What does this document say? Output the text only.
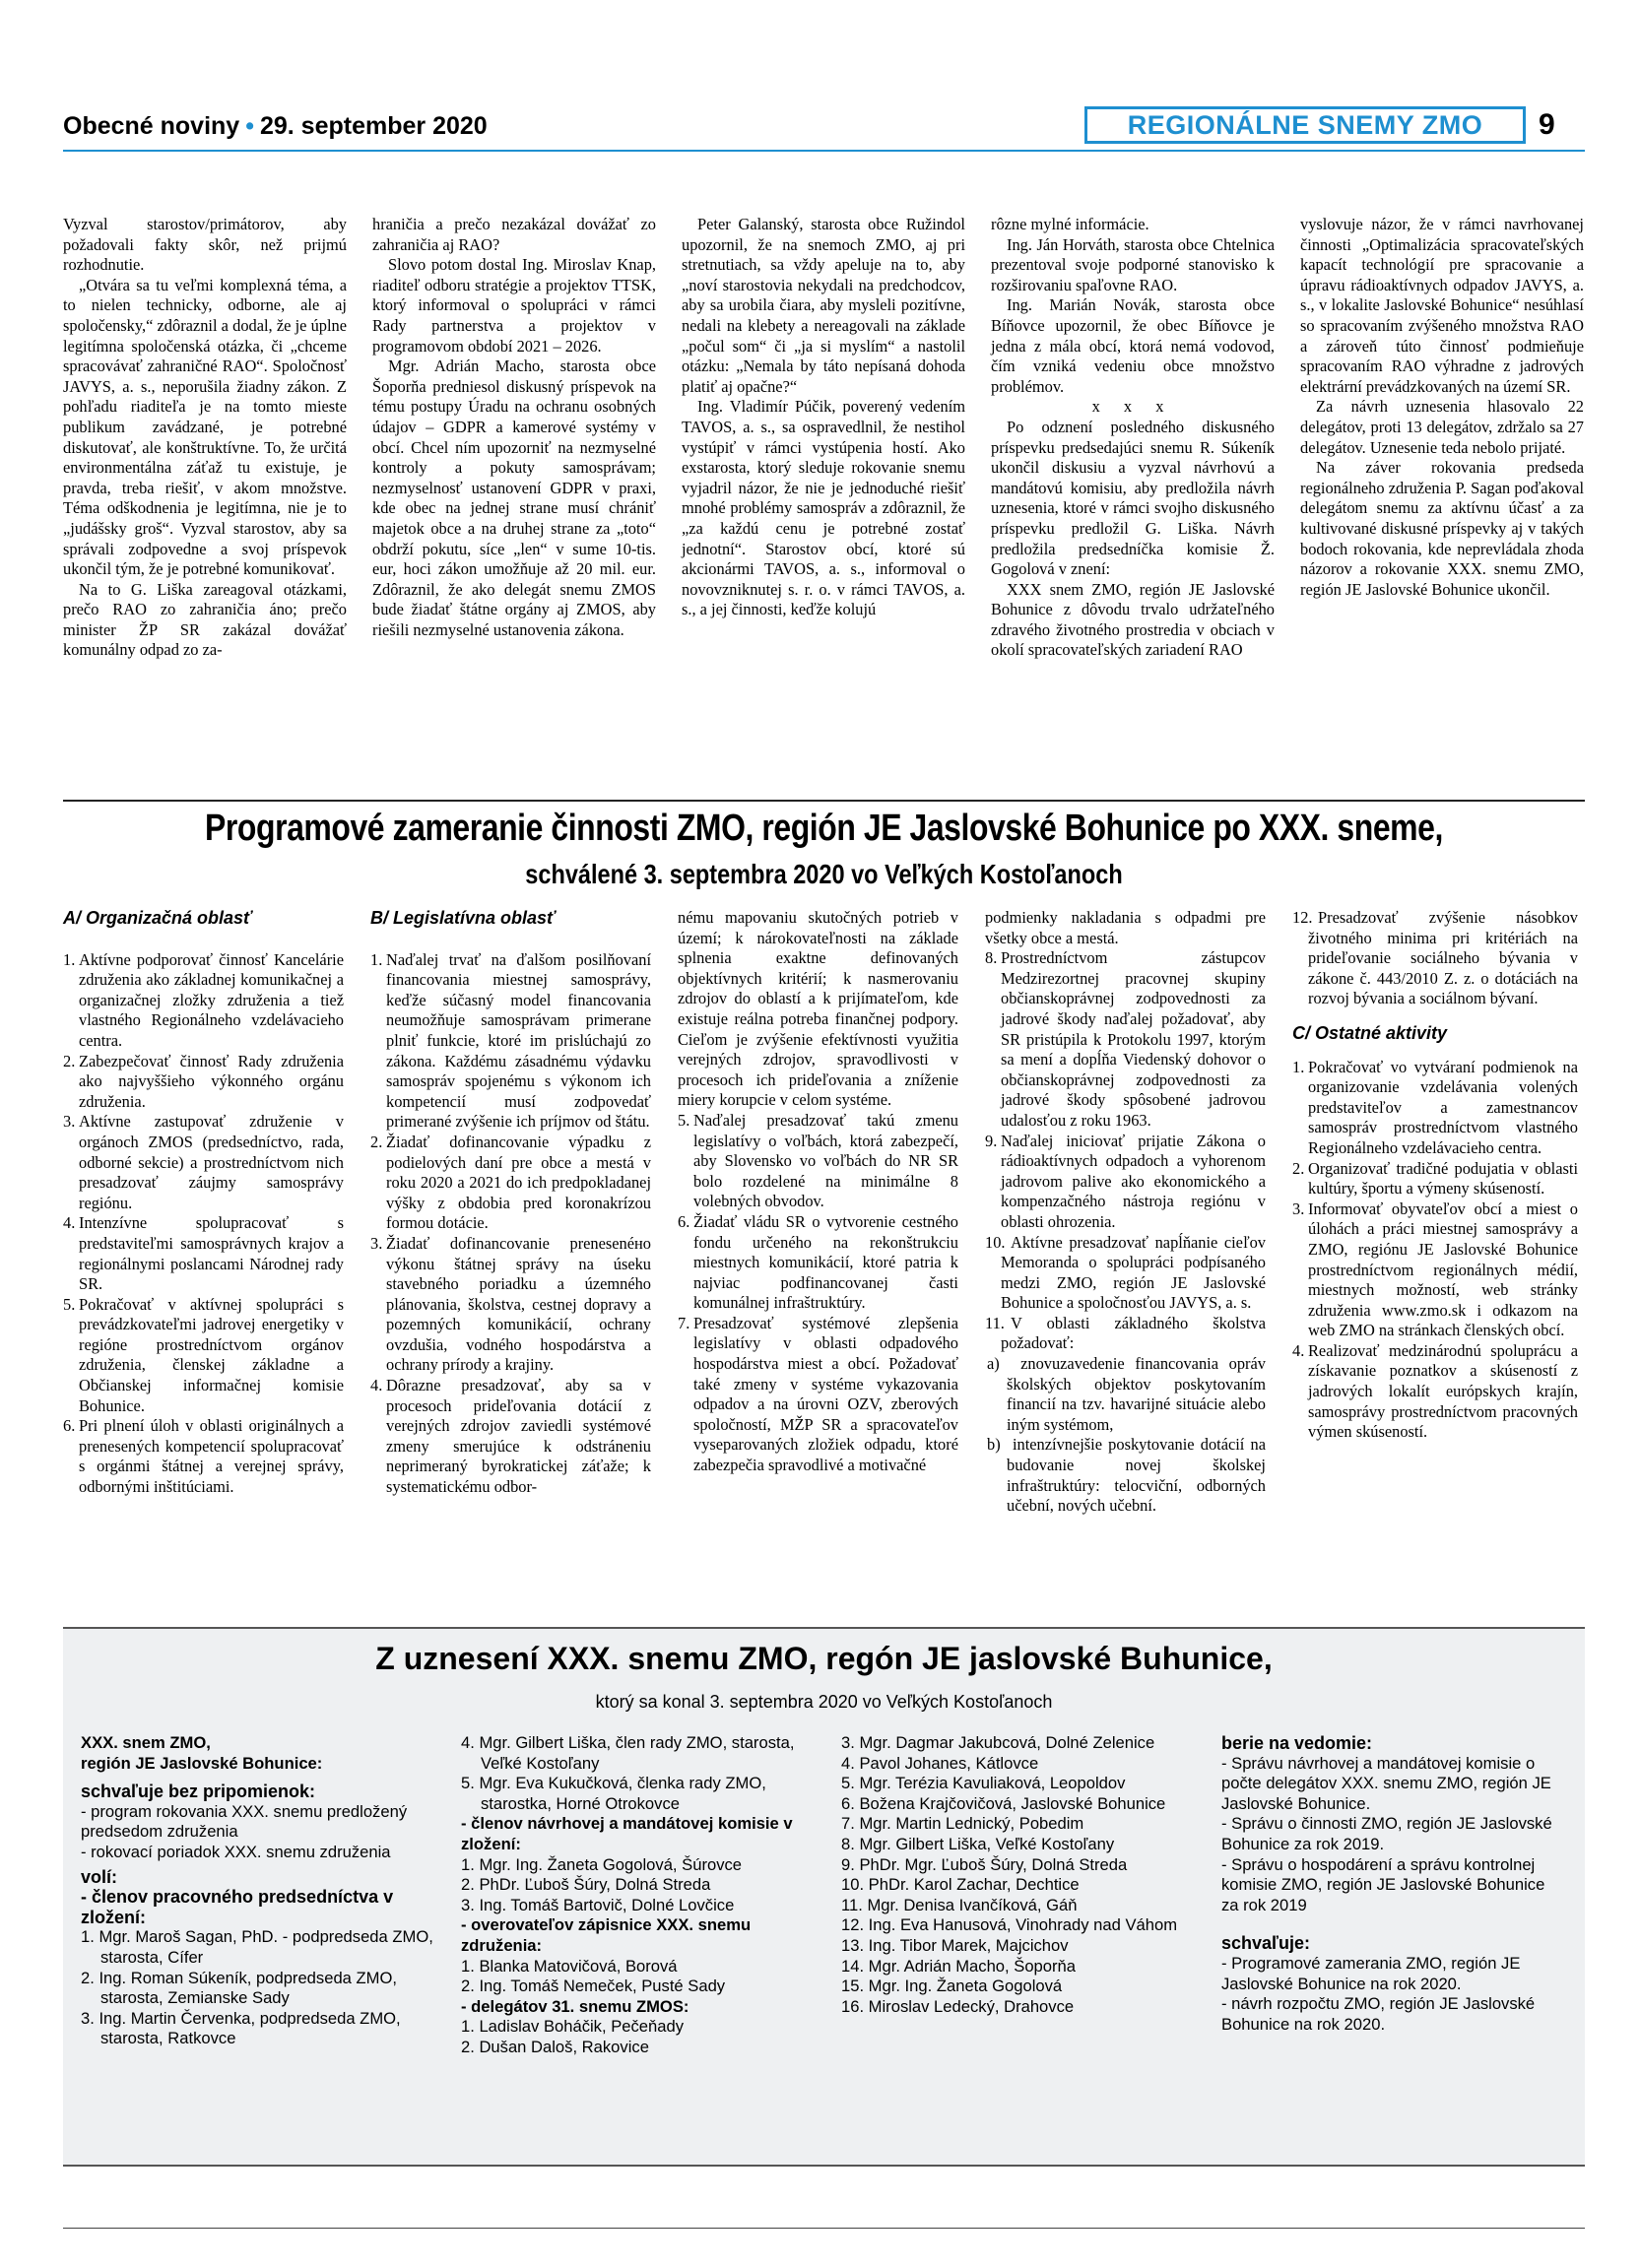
Obecné noviny • 29. september 2020	REGIONÁLNE SNEMY ZMO	9

Vyzval starostov/primátorov, aby požadovali fakty skôr, než prijmú rozhodnutie.

„Otvára sa tu veľmi komplexná téma, a to nielen technicky, odborne, ale aj spoločensky,“ zdôraznil a dodal, že je úplne legitímna spoločenská otázka, či „chceme spracovávať zahraničné RAO“. Spoločnosť JAVYS, a. s., neporušila žiadny zákon. Z pohľadu riaditeľa je na tomto mieste publikum zavádzané, je potrebné diskutovať, ale konštruktívne. To, že určitá environmentálna záťaž tu existuje, je pravda, treba riešiť, v akom množstve. Téma odškodnenia je legitímna, nie je to „judášsky groš“. Vyzval starostov, aby sa správali zodpovedne a svoj príspevok ukončil tým, že je potrebné komunikovať.

Na to G. Liška zareagoval otázkami, prečo RAO zo zahraničia áno; prečo minister ŽP SR zakázal dovážať komunálny odpad zo za-

hraničia a prečo nezakázal dovážať zo zahraničia aj RAO?

Slovo potom dostal Ing. Miroslav Knap, riaditeľ odboru stratégie a projektov TTSK, ktorý informoval o spolupráci v rámci Rady partnerstva a projektov v programovom období 2021 – 2026.

Mgr. Adrián Macho, starosta obce Šoporňa predniesol diskusný príspevok na tému postupy Úradu na ochranu osobných údajov – GDPR a kamerové systémy v obcí. Chcel ním upozorniť na nezmyselné kontroly a pokuty samosprávam; nezmyselnosť ustanovení GDPR v praxi, kde obec na jednej strane musí chrániť majetok obce a na druhej strane za „toto“ obdrží pokutu, síce „len“ v sume 10-tis. eur, hoci zákon umožňuje až 20 mil. eur. Zdôraznil, že ako delegát snemu ZMOS bude žiadať štátne orgány aj ZMOS, aby riešili nezmyselné ustanovenia zákona.

Peter Galanský, starosta obce Ružindol upozornil, že na snemoch ZMO, aj pri stretnutiach, sa vždy apeluje na to, aby „noví starostovia nekydali na predchodcov, aby sa urobila čiara, aby mysleli pozitívne, nedali na klebety a nereagovali na základe „počul som“ či „ja si myslím“ a nastolil otázku: „Nemala by táto nepísaná dohoda platiť aj opačne?“

Ing. Vladimír Púčik, poverený vedením TAVOS, a. s., sa ospravedlnil, že nestihol vystúpiť v rámci vystúpenia hostí. Ako exstarosta, ktorý sleduje rokovanie snemu vyjadril názor, že nie je jednoduché riešiť mnohé problémy samospráv a zdôraznil, že „za každú cenu je potrebné zostať jednotní“. Starostov obcí, ktoré sú akcionármi TAVOS, a. s., informoval o novovzniknutej s. r. o. v rámci TAVOS, a. s., a jej činnosti, keďže kolujú

rôzne mylné informácie.

Ing. Ján Horváth, starosta obce Chtelnica prezentoval svoje podporné stanovisko k rozširovaniu spaľovne RAO.

Ing. Marián Novák, starosta obce Bíňovce upozornil, že obec Bíňovce je jedna z mála obcí, ktorá nemá vodovod, čím vzniká vedeniu obce množstvo problémov.

x x x

Po odznení posledného diskusného príspevku predsedajúci snemu R. Súkeník ukončil diskusiu a vyzval návrhovú a mandátovú komisiu, aby predložila návrh uznesenia, ktoré v rámci svojho diskusného príspevku predložil G. Liška. Návrh predložila predsedníčka komisie Ž. Gogolová v znení:

XXX snem ZMO, región JE Jaslovské Bohunice z dôvodu trvalo udržateľného zdravého životného prostredia v obciach v okolí spracovateľských zariadení RAO

vyslovuje názor, že v rámci navrhovanej činnosti „Optimalizácia spracovateľských kapacít technológií pre spracovanie a úpravu rádioaktívnych odpadov JAVYS, a. s., v lokalite Jaslovské Bohunice“ nesúhlasí so spracovaním zvýšeného množstva RAO a zároveň túto činnosť podmieňuje spracovaním RAO výhradne z jadrových elektrární prevádzkovaných na území SR.

Za návrh uznesenia hlasovalo 22 delegátov, proti 13 delegátov, zdržalo sa 27 delegátov. Uznesenie teda nebolo prijaté.

Na záver rokovania predseda regionálneho združenia P. Sagan poďakoval delegátom snemu za aktívnu účasť a za kultivované diskusné príspevky aj v takých bodoch rokovania, kde neprevládala zhoda názorov a rokovanie XXX. snemu ZMO, región JE Jaslovské Bohunice ukončil.

Programové zameranie činnosti ZMO, región JE Jaslovské Bohunice po XXX. sneme,
schválené 3. septembra 2020 vo Veľkých Kostoľanoch
A/ Organizačná oblasť
1. Aktívne podporovať činnosť Kancelárie združenia ako základnej komunikačnej a organizačnej zložky združenia a tiež vlastného Regionálneho vzdelávacieho centra.
2. Zabezpečovať činnosť Rady združenia ako najvyššieho výkonného orgánu združenia.
3. Aktívne zastupovať združenie v orgánoch ZMOS (predsedníctvo, rada, odborné sekcie) a prostredníctvom nich presadzovať záujmy samosprávy regiónu.
4. Intenzívne spolupracovať s predstaviteľmi samosprávnych krajov a regionálnymi poslancami Národnej rady SR.
5. Pokračovať v aktívnej spolupráci s prevádzkovateľmi jadrovej energetiky v regióne prostredníctvom orgánov združenia, členskej základne a Občianskej informačnej komisie Bohunice.
6. Pri plnení úloh v oblasti originálnych a prenesených kompetencií spolupracovať s orgánmi štátnej a verejnej správy, odbornými inštitúciami.
B/ Legislatívna oblasť
1. Naďalej trvať na ďalšom posilňovaní financovania miestnej samosprávy, keďže súčasný model financovania neumožňuje samosprávam primerane plniť funkcie, ktoré im prislúchajú zo zákona. Každému zásadnému výdavku samospráv spojenému s výkonom ich kompetencií musí zodpovedať primerané zvýšenie ich príjmov od štátu.
2. Žiadať dofinancovanie výpadku z podielových daní pre obce a mestá v roku 2020 a 2021 do ich predpokladanej výšky z obdobia pred koronakrízou formou dotácie.
3. Žiadať dofinancovanie prenesenéно výkonu štátnej správy na úseku stavebného poriadku a územného plánovania, školstva, cestnej dopravy a pozemných komunikácií, ochrany ovzdušia, vodného hospodárstva a ochrany prírody a krajiny.
4. Dôrazne presadzovať, aby sa v procesoch prideľovania dotácií z verejných zdrojov zaviedli systémové zmeny smerujúce k odstráneniu neprimeraný byrokratickej záťaže; k systematickému odbor-

nému mapovaniu skutočných potrieb v území; k nárokovateľnosti na základe splnenia exaktne definovaných objektívnych kritérií; k nasmerovaniu zdrojov do oblastí a k prijímateľom, kde existuje reálna potreba finančnej podpory. Cieľom je zvýšenie efektívnosti využitia verejných zdrojov, spravodlivosti v procesoch ich prideľovania a zníženie miery korupcie v celom systéme.

5. Naďalej presadzovať takú zmenu legislatívy o voľbách, ktorá zabezpečí, aby Slovensko vo voľbách do NR SR bolo rozdelené na minimálne 8 volebných obvodov.
6. Žiadať vládu SR o vytvorenie cestného fondu určeného na rekonštrukciu miestnych komunikácií, ktoré patria k najviac podfinancovanej časti komunálnej infraštruktúry.
7. Presadzovať systémové zlepšenia legislatívy v oblasti odpadového hospodárstva miest a obcí. Požadovať také zmeny v systéme vykazovania odpadov a na úrovni OZV, zberových spoločností, MŽP SR a spracovateľov vyseparovaných zložiek odpadu, ktoré zabezpečia spravodlivé a motivačné

podmienky nakladania s odpadmi pre všetky obce a mestá.

8. Prostredníctvom zástupcov Medzirezortnej pracovnej skupiny občianskoprávnej zodpovednosti za jadrové škody naďalej požadovať, aby SR pristúpila k Protokolu 1997, ktorým sa mení a dopĺňa Viedenský dohovor o občianskoprávnej zodpovednosti za jadrové škody spôsobené jadrovou udalosťou z roku 1963.
9. Naďalej iniciovať prijatie Zákona o rádioaktívnych odpadoch a vyhorenom jadrovom palive ako ekonomického a kompenzačného nástroja regiónu v oblasti ohrozenia.
10. Aktívne presadzovať napĺňanie cieľov Memoranda o spolupráci podpísaného medzi ZMO, región JE Jaslovské Bohunice a spoločnosťou JAVYS, a. s.
11. V oblasti základného školstva požadovať:
a)  znovuzavedenie financovania opráv školských objektov poskytovaním financií na tzv. havarijné situácie alebo iným systémom,
b)  intenzívnejšie poskytovanie dotácií na budovanie novej školskej infraštruktúry: telocviční, odborných učební, nových učební.
12. Presadzovať zvýšenie násobkov životného minima pri kritériách na prideľovanie sociálneho bývania v zákone č. 443/2010 Z. z. o dotáciách na rozvoj bývania a sociálnom bývaní.
C/ Ostatné aktivity
1. Pokračovať vo vytváraní podmienok na organizovanie vzdelávania volených predstaviteľov a zamestnancov samospráv prostredníctvom vlastného Regionálneho vzdelávacieho centra.
2. Organizovať tradičné podujatia v oblasti kultúry, športu a výmeny skúseností.
3. Informovať obyvateľov obcí a miest o úlohách a práci miestnej samosprávy a ZMO, regiónu JE Jaslovské Bohunice prostredníctvom regionálnych médií, miestnych možností, web stránky združenia www.zmo.sk i odkazom na web ZMO na stránkach členských obcí.
4. Realizovať medzinárodnú spoluprácu a získavanie poznatkov a skúseností z jadrových lokalít európskych krajín, samosprávy prostredníctvom pracovných výmen skúseností.
Z uznesení XXX. snemu ZMO, regón JE jaslovské Buhunice,
ktorý sa konal 3. septembra 2020 vo Veľkých Kostoľanoch
XXX. snem ZMO,
región JE Jaslovské Bohunice:
schvaľuje bez pripomienok:
- program rokovania XXX. snemu predložený predsedom združenia
- rokovací poriadok XXX. snemu združenia
volí:
- členov pracovného predsedníctva v zložení:
1. Mgr. Maroš Sagan, PhD. - podpredseda ZMO, starosta, Cífer
2. Ing. Roman Súkeník, podpredseda ZMO, starosta, Zemianske Sady
3. Ing. Martin Červenka, podpredseda ZMO, starosta, Ratkovce
4. Mgr. Gilbert Liška, člen rady ZMO, starosta, Veľké Kostoľany
5. Mgr. Eva Kukučková, členka rady ZMO, starostka, Horné Otrokovce
- členov návrhovej a mandátovej komisie v zložení:
1. Mgr. Ing. Žaneta Gogolová, Šúrovce
2. PhDr. Ľuboš Šúry, Dolná Streda
3. Ing. Tomáš Bartovič, Dolné Lovčice
- overovateľov zápisnice XXX. snemu združenia:
1. Blanka Matovičová, Borová
2. Ing. Tomáš Nemeček, Pusté Sady
- delegátov 31. snemu ZMOS:
1. Ladislav Boháčik, Pečeňady
2. Dušan Daloš, Rakovice
3. Mgr. Dagmar Jakubcová, Dolné Zelenice
4. Pavol Johanes, Kátlovce
5. Mgr. Terézia Kavuliaková, Leopoldov
6. Božena Krajčovičová, Jaslovské Bohunice
7. Mgr. Martin Lednický, Pobedim
8. Mgr. Gilbert Liška, Veľké Kostoľany
9. PhDr. Mgr. Ľuboš Šúry, Dolná Streda
10. PhDr. Karol Zachar, Dechtice
11. Mgr. Denisa Ivančíková, Gáň
12. Ing. Eva Hanusová, Vinohrady nad Váhom
13. Ing. Tibor Marek, Majcichov
14. Mgr. Adrián Macho, Šoporňa
15. Mgr. Ing. Žaneta Gogolová
16. Miroslav Ledecký, Drahovce
berie na vedomie:
- Správu návrhovej a mandátovej komisie o počte delegátov XXX. snemu ZMO, región JE Jaslovské Bohunice.
- Správu o činnosti ZMO, región JE Jaslovské Bohunice za rok 2019.
- Správu o hospodárení a správu kontrolnej komisie ZMO, región JE Jaslovské Bohunice za rok 2019
schvaľuje:
- Programové zamerania ZMO, región JE Jaslovské Bohunice na rok 2020.
- návrh rozpočtu ZMO, región JE Jaslovské Bohunice na rok 2020.
